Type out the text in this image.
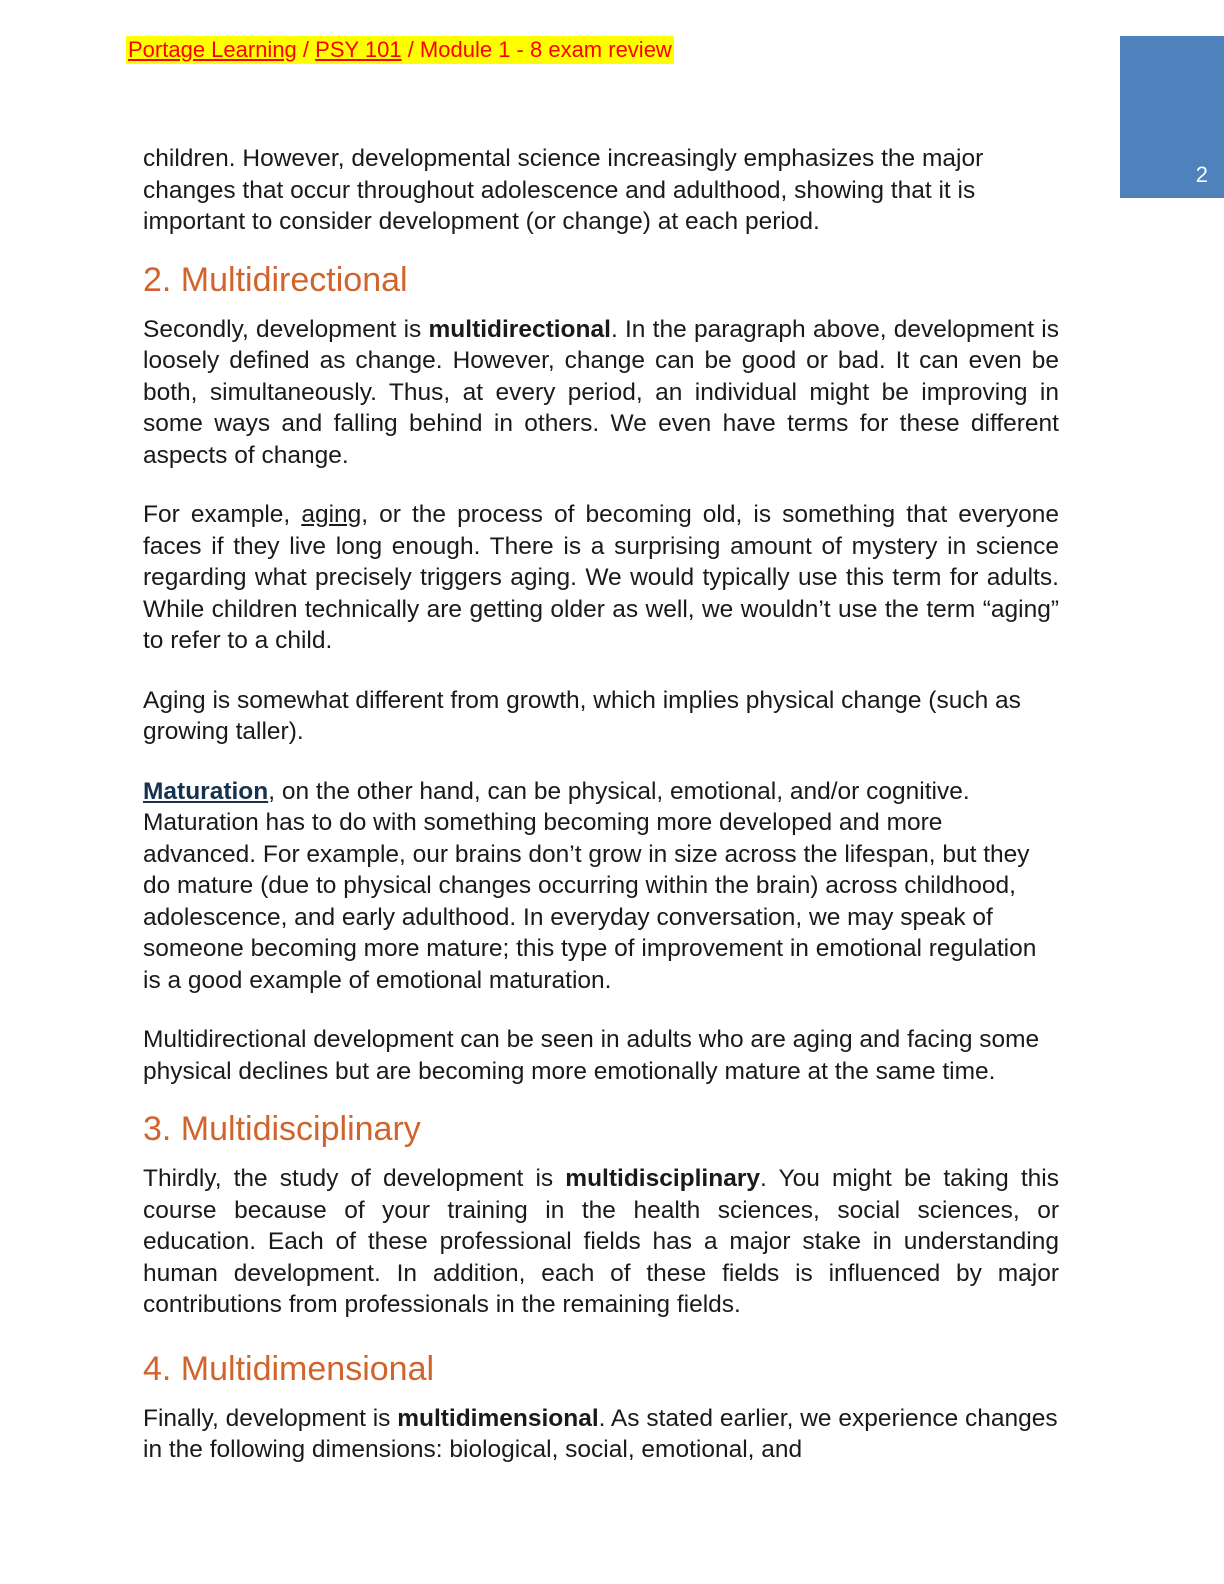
Portage Learning / PSY 101 / Module 1 - 8 exam review
2

children. However, developmental science increasingly emphasizes the major changes that occur throughout adolescence and adulthood, showing that it is important to consider development (or change) at each period.

2. Multidirectional

Secondly, development is multidirectional. In the paragraph above, development is loosely defined as change. However, change can be good or bad. It can even be both, simultaneously. Thus, at every period, an individual might be improving in some ways and falling behind in others. We even have terms for these different aspects of change.

For example, aging, or the process of becoming old, is something that everyone faces if they live long enough. There is a surprising amount of mystery in science regarding what precisely triggers aging. We would typically use this term for adults. While children technically are getting older as well, we wouldn’t use the term “aging” to refer to a child.

Aging is somewhat different from growth, which implies physical change (such as growing taller).

Maturation, on the other hand, can be physical, emotional, and/or cognitive. Maturation has to do with something becoming more developed and more advanced. For example, our brains don’t grow in size across the lifespan, but they do mature (due to physical changes occurring within the brain) across childhood, adolescence, and early adulthood. In everyday conversation, we may speak of someone becoming more mature; this type of improvement in emotional regulation is a good example of emotional maturation.

Multidirectional development can be seen in adults who are aging and facing some physical declines but are becoming more emotionally mature at the same time.

3. Multidisciplinary

Thirdly, the study of development is multidisciplinary. You might be taking this course because of your training in the health sciences, social sciences, or education. Each of these professional fields has a major stake in understanding human development. In addition, each of these fields is influenced by major contributions from professionals in the remaining fields.

4. Multidimensional

Finally, development is multidimensional. As stated earlier, we experience changes in the following dimensions: biological, social, emotional, and
